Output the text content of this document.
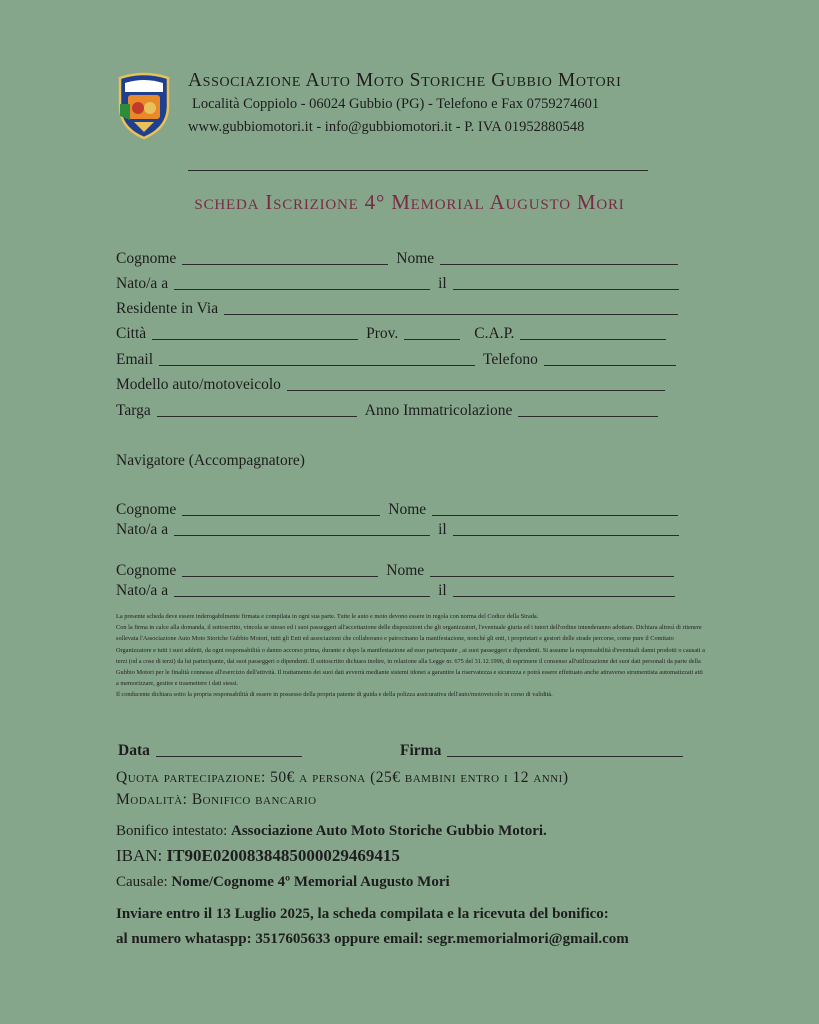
Associazione Auto Moto Storiche Gubbio Motori
Località Coppiolo - 06024 Gubbio (PG) - Telefono e Fax 0759274601
www.gubbiomotori.it - info@gubbiomotori.it - P. IVA 01952880548
scheda Iscrizione 4° Memorial Augusto Mori
Cognome	Nome
Nato/a a	il
Residente in Via
Città	Prov.	C.A.P.
Email	Telefono
Modello auto/motoveicolo
Targa	Anno Immatricolazione
Navigatore (Accompagnatore)
Cognome	Nome
Nato/a a	il
Cognome	Nome
Nato/a a	il

La presente scheda deve essere inderogabilmente firmata e compilata in ogni sua parte. Tutte le auto e moto devono essere in regola con norma del Codice della Strada.

Con la firma in calce alla domanda, il sottoscritto, vincola se stesso ed i suoi passeggeri all'accettazione delle disposizioni che gli organizzatori, l'eventuale giuria ed i tutori dell'ordine intenderanno adottare. Dichiara altresì di ritenere sollevata l'Associazione Auto Moto Storiche Gubbio Motori, tutti gli Enti ed associazioni che collaborano e patrocinano la manifestazione, nonché gli enti, i proprietari e gestori delle strade percorse, come pure il Comitato Organizzatore e tutti i suoi addetti, da ogni responsabilità o danno accorso prima, durante e dopo la manifestazione ad esso partecipante , ai suoi passeggeri e dipendenti. Si assume la responsabilità d'eventuali danni prodotti o causati a terzi (od a cose di terzi) da lui partecipante, dai suoi passeggeri o dipendenti. Il sottoscritto dichiara inoltre, in relazione alla Legge nr. 675 del 31.12.1996, di esprimere il consenso all'utilizzazione dei suoi dati personali da parte della Gubbio Motori per le finalità connesse all'esercizio dell'attività. Il trattamento dei suoi dati avverrà mediante sistemi idonei a garantire la riservatezza e sicurezza e potrà essere effettuato anche attraverso strumentista automatizzati atti a memorizzare, gestire e trasmettere i dati stessi.

Il conducente dichiara sotto la propria responsabilità di essere in possesso della propria patente di guida e della polizza assicurativa dell'auto/motoveicolo in corso di validità.

Data	Firma
Quota partecipazione: 50€ a persona (25€ bambini entro i 12 anni)
Modalità: Bonifico bancario
Bonifico intestato: Associazione Auto Moto Storiche Gubbio Motori.
IBAN: IT90E0200838485000029469415
Causale: Nome/Cognome 4º Memorial Augusto Mori
Inviare entro il 13 Luglio 2025, la scheda compilata e la ricevuta del bonifico:
al numero whataspp: 3517605633 oppure email: segr.memorialmori@gmail.com
